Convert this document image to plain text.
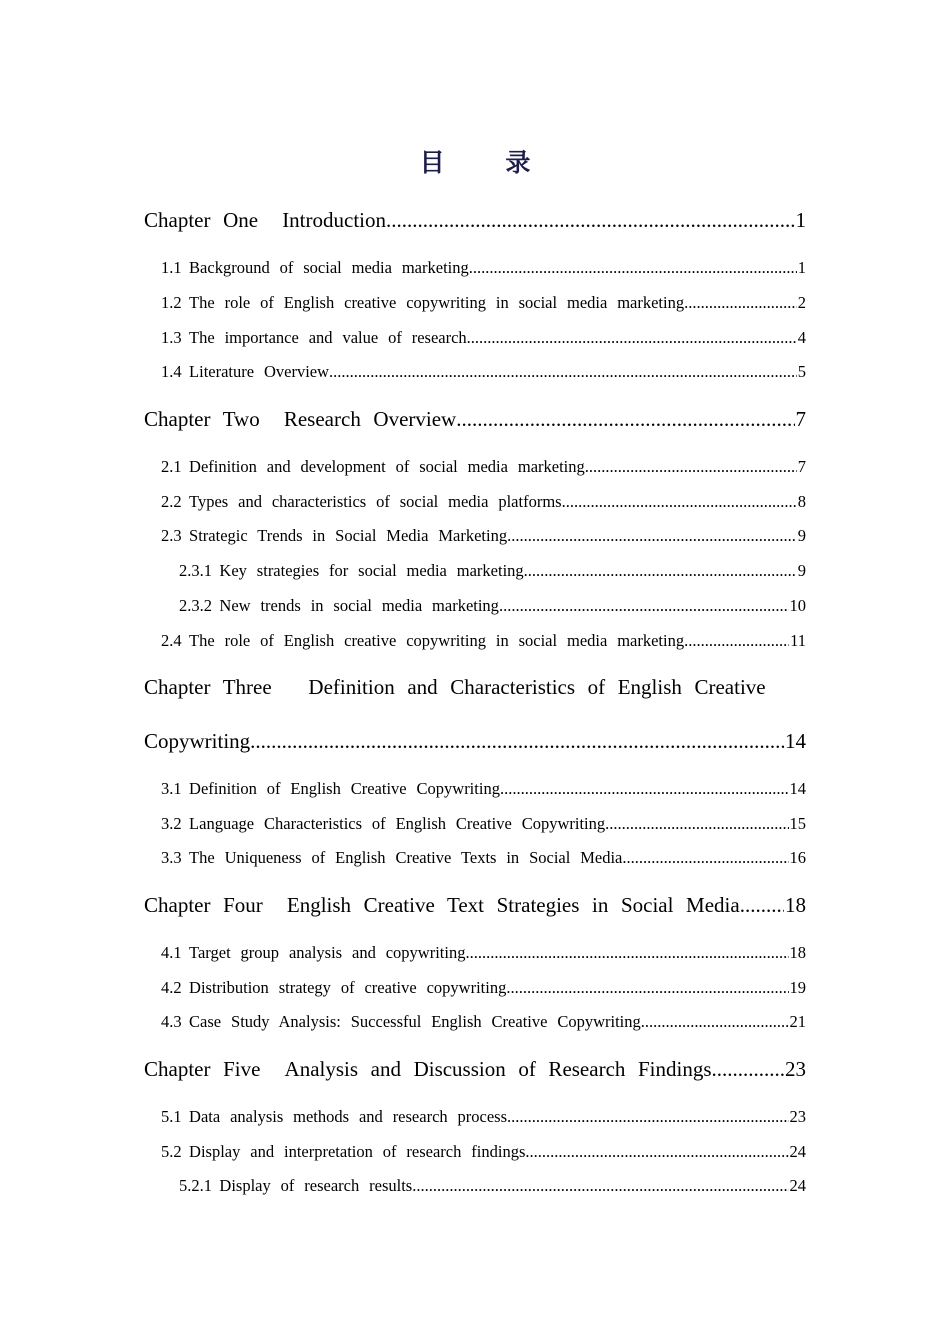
目 录
Chapter One Introduction .....	1
1.1 Background of social media marketing .....	1
1.2 The role of English creative copywriting in social media marketing .....	2
1.3 The importance and value of research .....	4
1.4 Literature Overview .....	5
Chapter Two Research Overview .....	7
2.1 Definition and development of social media marketing .....	7
2.2 Types and characteristics of social media platforms .....	8
2.3 Strategic Trends in Social Media Marketing .....	9
2.3.1 Key strategies for social media marketing .....	9
2.3.2 New trends in social media marketing .....	10
2.4 The role of English creative copywriting in social media marketing .....	11
Chapter Three Definition and Characteristics of English Creative
Copywriting .....	14
3.1 Definition of English Creative Copywriting .....	14
3.2 Language Characteristics of English Creative Copywriting .....	15
3.3 The Uniqueness of English Creative Texts in Social Media .....	16
Chapter Four English Creative Text Strategies in Social Media ..... 18
4.1 Target group analysis and copywriting .....	18
4.2 Distribution strategy of creative copywriting .....	19
4.3 Case Study Analysis: Successful English Creative Copywriting .....	21
Chapter Five Analysis and Discussion of Research Findings .....	23
5.1 Data analysis methods and research process .....	23
5.2 Display and interpretation of research findings .....	24
5.2.1 Display of research results .....	24
